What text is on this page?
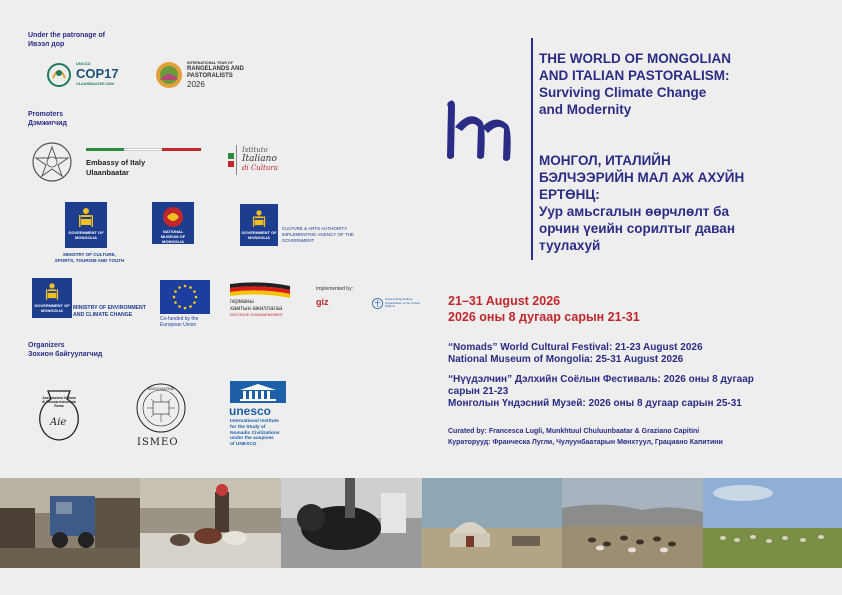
Under the patronage of
Ивээл дор
UNCCD
COP17
ULAANBAATAR 2026
INTERNATIONAL YEAR OF
RANGELANDS AND
PASTORALISTS
2026
Promoters
Дэмжигчид
Embassy of Italy
Ulaanbaatar
Istituto
Italiano
di Cultura
GOVERNMENT OF MONGOLIA
MINISTRY OF CULTURE,
SPORTS, TOURISM AND YOUTH
NATIONAL MUSEUM OF MONGOLIA
GOVERNMENT OF MONGOLIA
CULTURE & ARTS AUTHORITY
IMPLEMENTING AGENCY OF THE
GOVERNMENT
GOVERNMENT OF MONGOLIA	MINISTRY OF ENVIRONMENT
AND CLIMATE CHANGE
Co-funded by the
European Union
германы
хамтын ажиллагаа
DEUTSCHE ZUSAMMENARBEIT
Implemented by:
giz	Food and Agriculture Organization of the United Nations
Organizers
Зохион байгуулагчид
Associazione Italiana
di Ethnoarchaeologia
Roma
Aie
ASSOCIAZIONE
ISMEO
unesco
International Institute
for the Study of
Nomadic Civilizations
under the auspices
of UNESCO
THE WORLD OF MONGOLIAN
AND ITALIAN PASTORALISM:
Surviving Climate Change
and Modernity
МОНГОЛ, ИТАЛИЙН
БЭЛЧЭЭРИЙН МАЛ АЖ АХУЙН
ЕРТӨНЦ:
Уур амьсгалын өөрчлөлт ба
орчин үеийн сорилтыг даван
туулахуй
21–31 August 2026
2026 оны 8 дугаар сарын 21-31
“Nomads” World Cultural Festival: 21-23 August 2026
National Museum of Mongolia: 25-31 August 2026
“Нүүдэлчин” Дэлхийн Соёлын Фестиваль: 2026 оны 8 дугаар
сарын 21-23
Монголын Үндэсний Музей: 2026 оны 8 дугаар сарын 25-31
Curated by: Francesca Lugli, Munkhtuul Chuluunbaatar & Graziano Capitini
Куратоpууд: Франческа Лугли, Чулуунбаатарын Мөнхтуул, Грациано Капитини
